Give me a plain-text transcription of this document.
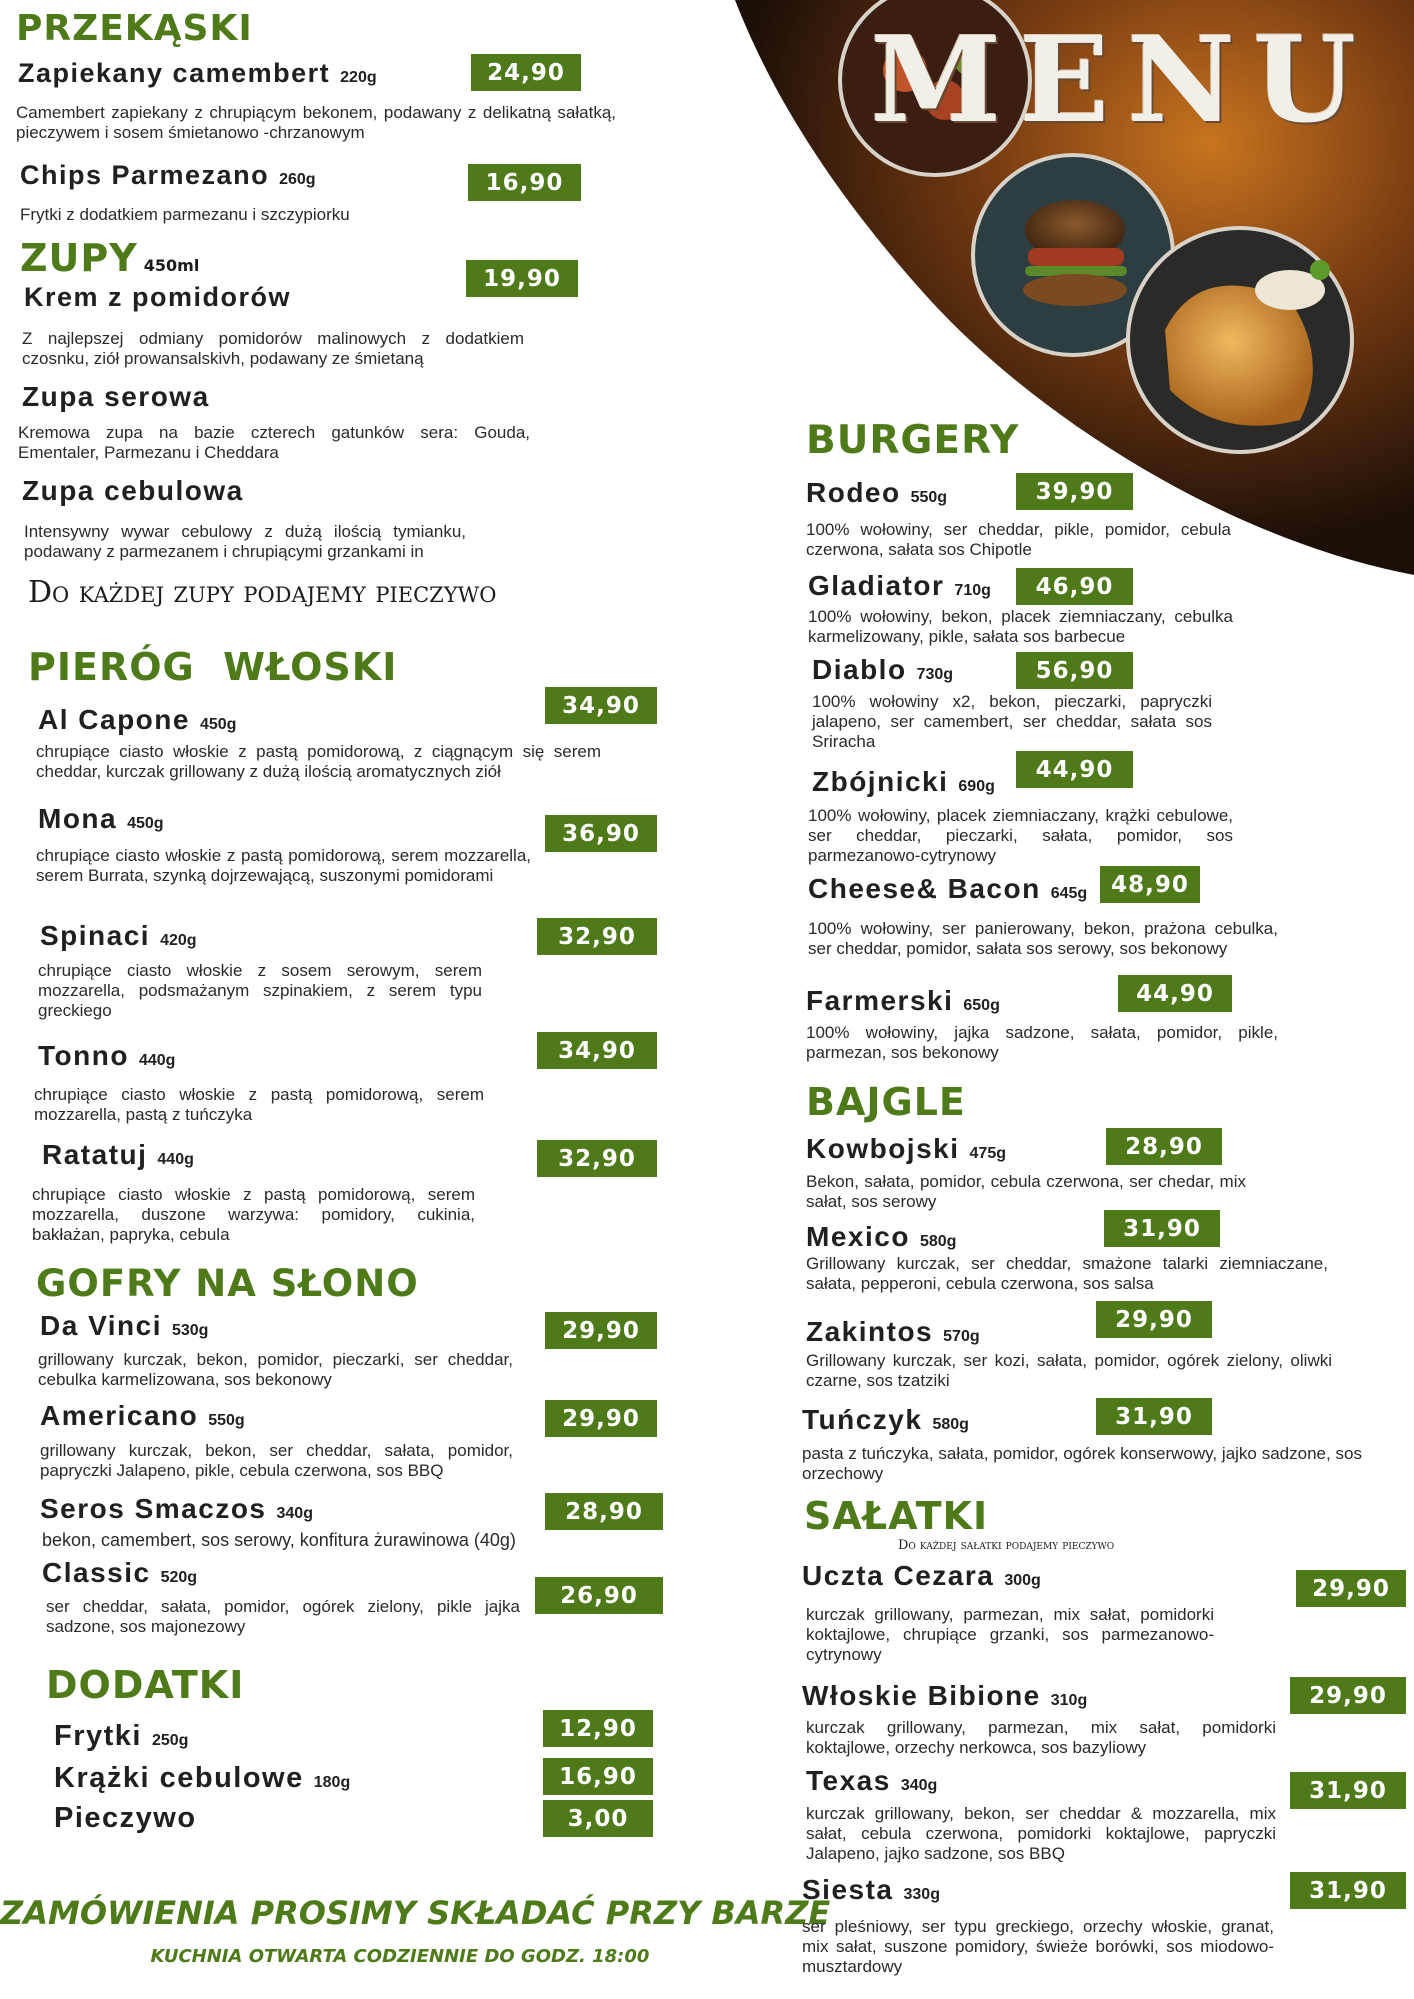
MENU
PRZEKĄSKI
Zapiekany camembert 220g	24,90
Camembert zapiekany z chrupiącym bekonem, podawany z delikatną sałatką, pieczywem i sosem śmietanowo -chrzanowym
Chips Parmezano 260g	16,90
Frytki z dodatkiem parmezanu i szczypiorku
ZUPY 450ml	19,90
Krem z pomidorów
Z najlepszej odmiany pomidorów malinowych z dodatkiem czosnku, ziół prowansalskivh, podawany ze śmietaną
Zupa serowa
Kremowa zupa na bazie czterech gatunków sera: Gouda, Ementaler, Parmezanu i Cheddara
Zupa cebulowa
Intensywny wywar cebulowy z dużą ilością tymianku, podawany z parmezanem i chrupiącymi grzankami in
Do każdej zupy podajemy pieczywo
PIERÓG  WŁOSKI
Al Capone 450g
34,90
chrupiące ciasto włoskie z pastą pomidorową, z ciągnącym się serem cheddar, kurczak grillowany z dużą ilością aromatycznych ziół
Mona 450g	36,90
chrupiące ciasto włoskie z pastą pomidorową, serem mozzarella, serem Burrata, szynką dojrzewającą, suszonymi pomidorami
Spinaci 420g	32,90
chrupiące ciasto włoskie z sosem serowym, serem mozzarella, podsmażanym szpinakiem, z serem typu greckiego
Tonno 440g	34,90
chrupiące ciasto włoskie z pastą pomidorową, serem mozzarella, pastą z tuńczyka
Ratatuj 440g	32,90
chrupiące ciasto włoskie z pastą pomidorową, serem mozzarella, duszone warzywa: pomidory, cukinia, bakłażan, papryka, cebula
GOFRY NA SŁONO
Da Vinci 530g	29,90
grillowany kurczak, bekon, pomidor, pieczarki, ser cheddar, cebulka karmelizowana, sos bekonowy
Americano 550g	29,90
grillowany kurczak, bekon, ser cheddar, sałata, pomidor, papryczki Jalapeno, pikle, cebula czerwona, sos BBQ
Seros Smaczos 340g	28,90
bekon, camembert, sos serowy, konfitura żurawinowa (40g)
Classic 520g
26,90
ser cheddar, sałata, pomidor, ogórek zielony, pikle jajka sadzone, sos majonezowy
DODATKI
Frytki 250g	12,90
Krążki cebulowe 180g	16,90
Pieczywo	3,00
ZAMÓWIENIA PROSIMY SKŁADAĆ PRZY BARZE
KUCHNIA OTWARTA CODZIENNIE DO GODZ. 18:00
BURGERY
Rodeo 550g	39,90
100% wołowiny, ser cheddar, pikle, pomidor, cebula czerwona, sałata sos Chipotle
Gladiator 710g	46,90
100% wołowiny, bekon, placek ziemniaczany, cebulka karmelizowany, pikle, sałata sos barbecue
Diablo 730g	56,90
100% wołowiny x2, bekon, pieczarki, papryczki jalapeno, ser camembert, ser cheddar, sałata sos Sriracha
Zbójnicki 690g
44,90
100% wołowiny, placek ziemniaczany, krążki cebulowe, ser cheddar, pieczarki, sałata, pomidor, sos parmezanowo-cytrynowy
Cheese& Bacon 645g	48,90
100% wołowiny, ser panierowany, bekon, prażona cebulka, ser cheddar, pomidor, sałata sos serowy, sos bekonowy
Farmerski 650g	44,90
100% wołowiny, jajka sadzone, sałata, pomidor, pikle, parmezan, sos bekonowy
BAJGLE
Kowbojski 475g	28,90
Bekon, sałata, pomidor, cebula czerwona, ser chedar, mix sałat, sos serowy
Mexico 580g	31,90
Grillowany kurczak, ser cheddar, smażone talarki ziemniaczane, sałata, pepperoni, cebula czerwona, sos salsa
Zakintos 570g
29,90
Grillowany kurczak, ser kozi, sałata, pomidor, ogórek zielony, oliwki czarne, sos tzatziki
Tuńczyk 580g	31,90
pasta z tuńczyka, sałata, pomidor, ogórek konserwowy, jajko sadzone, sos orzechowy
SAŁATKI
Do każdej sałatki podajemy pieczywo
Uczta Cezara 300g	29,90
kurczak grillowany, parmezan, mix sałat, pomidorki koktajlowe, chrupiące grzanki, sos parmezanowo-cytrynowy
Włoskie Bibione 310g	29,90
kurczak grillowany, parmezan, mix sałat, pomidorki koktajlowe, orzechy nerkowca, sos bazyliowy
Texas 340g	31,90
kurczak grillowany, bekon, ser cheddar & mozzarella, mix sałat, cebula czerwona, pomidorki koktajlowe, papryczki Jalapeno, jajko sadzone, sos BBQ
Siesta 330g	31,90
ser pleśniowy, ser typu greckiego, orzechy włoskie, granat, mix sałat, suszone pomidory, świeże borówki, sos miodowo-musztardowy
